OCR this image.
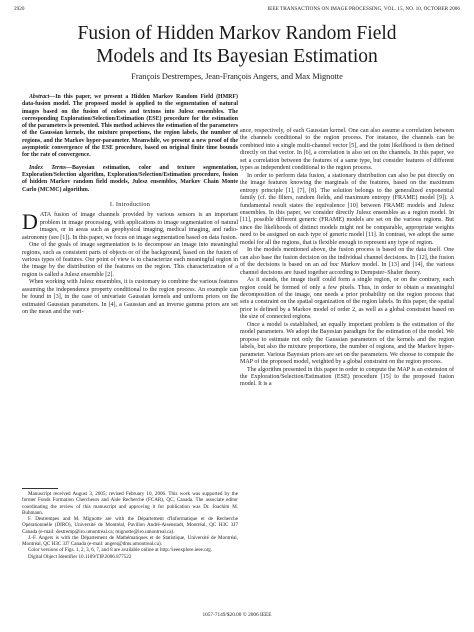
2920	IEEE TRANSACTIONS ON IMAGE PROCESSING, VOL. 15, NO. 10, OCTOBER 2006
Fusion of Hidden Markov Random Field
Models and Its Bayesian Estimation
François Destrempes, Jean-François Angers, and Max Mignotte

Abstract—In this paper, we present a Hidden Markov Random Field (HMRF) data-fusion model. The proposed model is applied to the segmentation of natural images based on the fusion of colors and textons into Julesz ensembles. The corresponding Exploration/Selection/Estimation (ESE) procedure for the estimation of the parameters is presented. This method achieves the estimation of the parameters of the Gaussian kernels, the mixture proportions, the region labels, the number of regions, and the Markov hyper-parameter. Meanwhile, we present a new proof of the asymptotic convergence of the ESE procedure, based on original finite time bounds for the rate of convergence.

Index Terms—Bayesian estimation, color and texture segmentation, Exploration/Selection algorithm, Exploration/Selection/Estimation procedure, fusion of hidden Markov random field models, Julesz ensembles, Markov Chain Monte Carlo (MCMC) algorithm.

I. Introduction

DATA fusion of image channels provided by various sensors is an important problem in image processing, with applications to image segmentation of natural images, or in areas such as geophysical imaging, medical imaging, and radio-astronomy (see [1]). In this paper, we focus on image segmentation based on data fusion.

One of the goals of image segmentation is to decompose an image into meaningful regions, such as consistent parts of objects or of the background, based on the fusion of various types of features. Our point of view is to characterize each meaningful region in the image by the distribution of the features on the region. This characterization of a region is called a Julesz ensemble [2].

When working with Julesz ensembles, it is customary to combine the various features assuming the independence property conditional to the region process. An example can be found in [3], in the case of univariate Gaussian kernels and uniform priors on the estimated Gaussian parameters. In [4], a Gaussian and an inverse gamma priors are set on the mean and the vari-

Manuscript received August 3, 2005; revised February 10, 2006. This work was supported by the former Fonds Formation Chercheurs and Aide Recherche (FCAR), QC, Canada. The associate editor coordinating the review of this manuscript and approving it for publication was Dr. Joachim M. Buhmann.

F. Destrempes and M. Mignotte are with the Département d'Informatique et de Recherche Opérationnelle (DIRO), Université de Montréal, Pavillon André-Aisenstadt, Montréal, QC H3C 3J7 Canada (e-mail: destremp@iro.umontreal.ca; mignotte@iro.umontreal.ca).

J.-F. Angers is with the Département de Mathématiques et de Statistique, Université de Montréal, Montréal, QC H3C 3J7 Canada (e-mail: angers@dms.umontreal.ca).

Color versions of Figs. 1, 2, 3, 6, 7, and 8 are available online at http://ieeexplore.ieee.org.

Digital Object Identifier 10.1109/TIP.2006.877522

ance, respectively, of each Gaussian kernel. One can also assume a correlation between the channels conditional to the region process. For instance, the channels can be combined into a single multi-channel vector [5], and the joint likelihood is then defined directly on that vector. In [6], a correlation is also set on the channels. In this paper, we set a correlation between the features of a same type, but consider features of different types as independent conditional to the region process.

In order to perform data fusion, a stationary distribution can also be put directly on the image features knowing the marginals of the features, based on the maximum entropy principle [1], [7], [8]. The solution belongs to the generalized exponential family (cf. the filters, random fields, and maximum entropy (FRAME) model [9]). A fundamental result states the equivalence [10] between FRAME models and Julesz ensembles. In this paper, we consider directly Julesz ensembles as a region model. In [11], possible different generic (FRAME) models are set on the various regions. But since the likelihoods of distinct models might not be comparable, appropriate weights need to be assigned on each type of generic model [11]. In contrast, we adopt the same model for all the regions, that is flexible enough to represent any type of region.

In the models mentioned above, the fusion process is based on the data itself. One can also base the fusion decision on the individual channel decisions. In [12], the fusion of the decisions is based on an ad hoc Markov model. In [13] and [14], the various channel decisions are fused together according to Dempster–Shafer theory.

As it stands, the image itself could form a single region, or on the contrary, each region could be formed of only a few pixels. Thus, in order to obtain a meaningful decomposition of the image, one needs a prior probability on the region process that sets a constraint on the spatial organization of the region labels. In this paper, the spatial prior is defined by a Markov model of order 2, as well as a global constraint based on the size of connected regions.

Once a model is established, an equally important problem is the estimation of the model parameters. We adopt the Bayesian paradigm for the estimation of the model. We propose to estimate not only the Gaussian parameters of the kernels and the region labels, but also the mixture proportions, the number of regions, and the Markov hyper-parameter. Various Bayesian priors are set on the parameters. We choose to compute the MAP of the proposed model, weighted by a global constraint on the region process.

The algorithm presented in this paper in order to compute the MAP is an extension of the Exploration/Selection/Estimation (ESE) procedure [15] to the proposed fusion model. It is a

1057-7149/$20.00 © 2006 IEEE
